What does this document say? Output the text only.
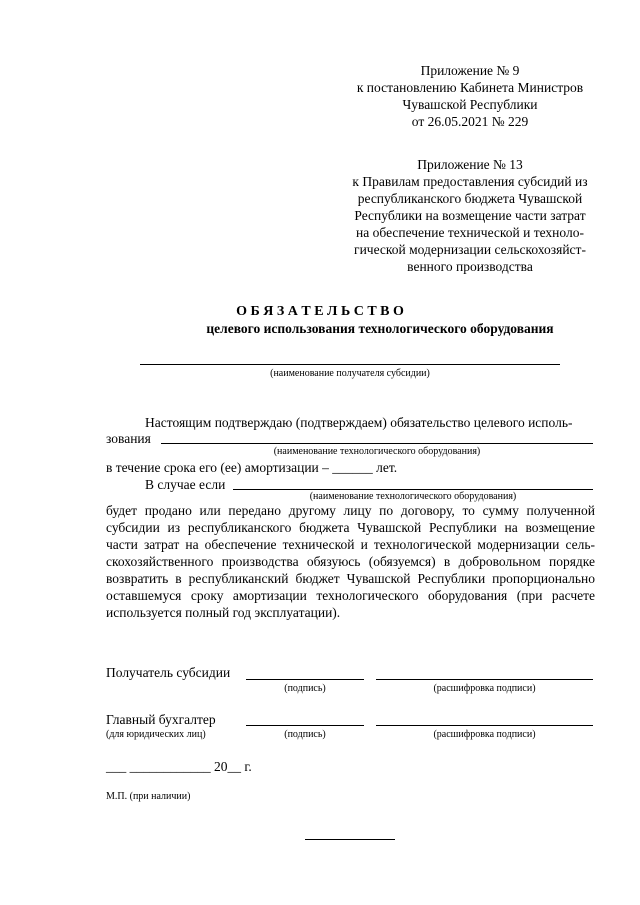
Приложение № 9
к постановлению Кабинета Министров
Чувашской Республики
от 26.05.2021 № 229
Приложение № 13
к Правилам предоставления субсидий из
республиканского бюджета Чувашской
Республики на возмещение части затрат
на обеспечение технической и техноло-
гической модернизации сельскохозяйст-
венного производства
О Б Я З А Т Е Л Ь С Т В О
целевого использования технологического оборудования
(наименование получателя субсидии)
Настоящим подтверждаю (подтверждаем) обязательство целевого исполь-
зования
(наименование технологического оборудования)
в течение срока его (ее) амортизации – ______ лет.
В случае если
(наименование технологического оборудования)
будет продано или передано другому лицу по договору, то сумму полученной
субсидии из республиканского бюджета Чувашской Республики на возмещение
части затрат на обеспечение технической и технологической модернизации сель-
скохозяйственного производства обязуюсь (обязуемся) в добровольном порядке
возвратить в республиканский бюджет Чувашской Республики пропорционально
оставшемуся сроку амортизации технологического оборудования (при расчете
используется полный год эксплуатации).
Получатель субсидии
(подпись)	(расшифровка подписи)
Главный бухгалтер
(для юридических лиц)	(подпись)	(расшифровка подписи)
___ ____________ 20__ г.
М.П. (при наличии)
